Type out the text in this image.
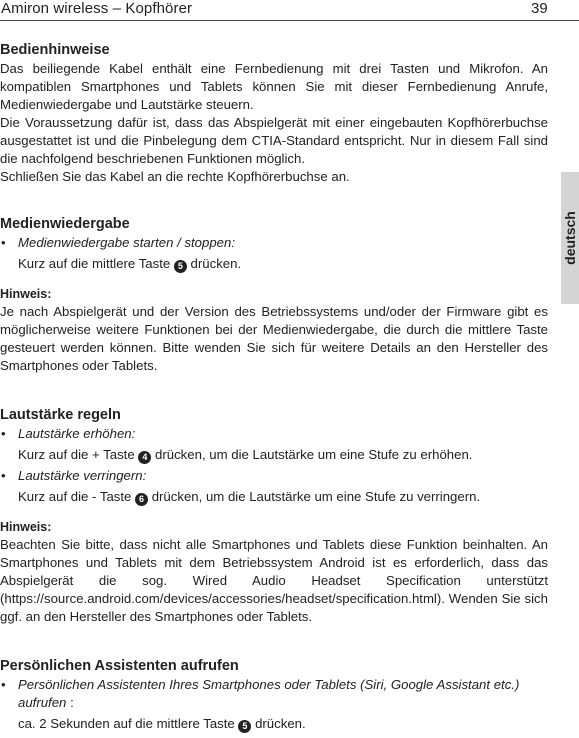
Amiron wireless – Kopfhörer	39
deutsch
Bedienhinweise

Das beiliegende Kabel enthält eine Fernbedienung mit drei Tasten und Mikrofon. An kompatiblen Smartphones und Tablets können Sie mit dieser Fernbedienung Anrufe, Medienwiedergabe und Lautstärke steuern.

Die Voraussetzung dafür ist, dass das Abspielgerät mit einer eingebauten Kopfhörerbuchse ausgestattet ist und die Pinbelegung dem CTIA-Standard entspricht. Nur in diesem Fall sind die nachfolgend beschriebenen Funktionen möglich.

Schließen Sie das Kabel an die rechte Kopfhörerbuchse an.

Medienwiedergabe
• Medienwiedergabe starten / stoppen:

Kurz auf die mittlere Taste 5 drücken.

Hinweis:

Je nach Abspielgerät und der Version des Betriebssystems und/oder der Firmware gibt es möglicherweise weitere Funktionen bei der Medienwiedergabe, die durch die mittlere Taste gesteuert werden können. Bitte wenden Sie sich für weitere Details an den Hersteller des Smartphones oder Tablets.

Lautstärke regeln
• Lautstärke erhöhen:

Kurz auf die + Taste 4 drücken, um die Lautstärke um eine Stufe zu erhöhen.

• Lautstärke verringern:

Kurz auf die - Taste 6 drücken, um die Lautstärke um eine Stufe zu verringern.

Hinweis:

Beachten Sie bitte, dass nicht alle Smartphones und Tablets diese Funktion beinhalten. An Smartphones und Tablets mit dem Betriebssystem Android ist es erforderlich, dass das Abspielgerät die sog. Wired Audio Headset Specification unterstützt (https://source.android.com/devices/accessories/headset/specification.html). Wenden Sie sich ggf. an den Hersteller des Smartphones oder Tablets.

Persönlichen Assistenten aufrufen
• Persönlichen Assistenten Ihres Smartphones oder Tablets (Siri, Google Assistant etc.) aufrufen :

ca. 2 Sekunden auf die mittlere Taste 5 drücken.
